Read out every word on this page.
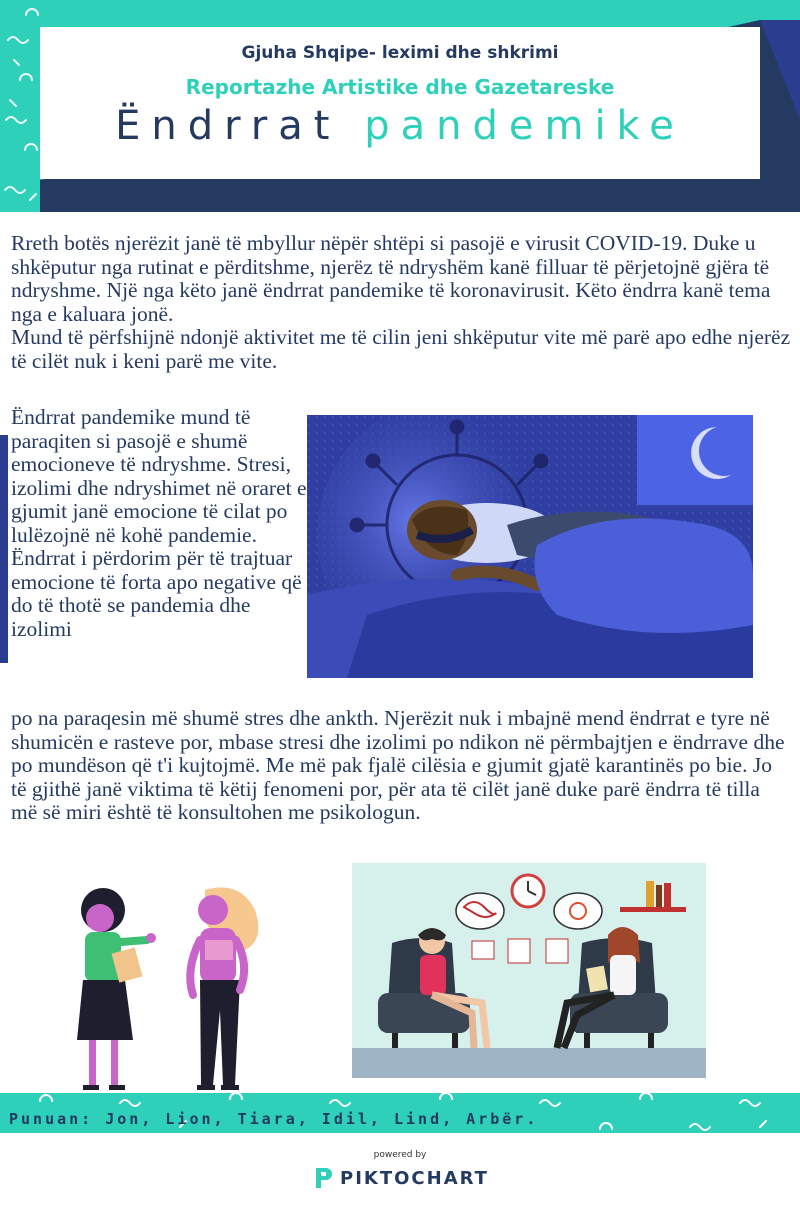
Gjuha Shqipe- leximi dhe shkrimi
Reportazhe Artistike dhe Gazetareske
Ëndrrat pandemike

Rreth botës njerëzit janë të mbyllur nëpër shtëpi si pasojë e virusit COVID-19. Duke u shkëputur nga rutinat e përditshme, njerëz të ndryshëm kanë filluar të përjetojnë gjëra të ndryshme. Një nga këto janë ëndrrat pandemike të koronavirusit. Këto ëndrra kanë tema nga e kaluara jonë.

Mund të përfshijnë ndonjë aktivitet me të cilin jeni shkëputur vite më parë apo edhe njerëz të cilët nuk i keni parë me vite.

Ëndrrat pandemike mund të paraqiten si pasojë e shumë emocioneve të ndryshme. Stresi, izolimi dhe ndryshimet në oraret e gjumit janë emocione të cilat po lulëzojnë në kohë pandemie. Ëndrrat i përdorim për të trajtuar emocione të forta apo negative që do të thotë se pandemia dhe izolimi

po na paraqesin më shumë stres dhe ankth. Njerëzit nuk i mbajnë mend ëndrrat e tyre në shumicën e rasteve por, mbase stresi dhe izolimi po ndikon në përmbajtjen e ëndrrave dhe po mundëson që t'i kujtojmë. Me më pak fjalë cilësia e gjumit gjatë karantinës po bie. Jo të gjithë janë viktima të këtij fenomeni por, për ata të cilët janë duke parë ëndrra të tilla më së miri është të konsultohen me psikologun.

Punuan: Jon, Lion, Tiara, Idil, Lind, Arbër.
powered by
PIKTOCHART
